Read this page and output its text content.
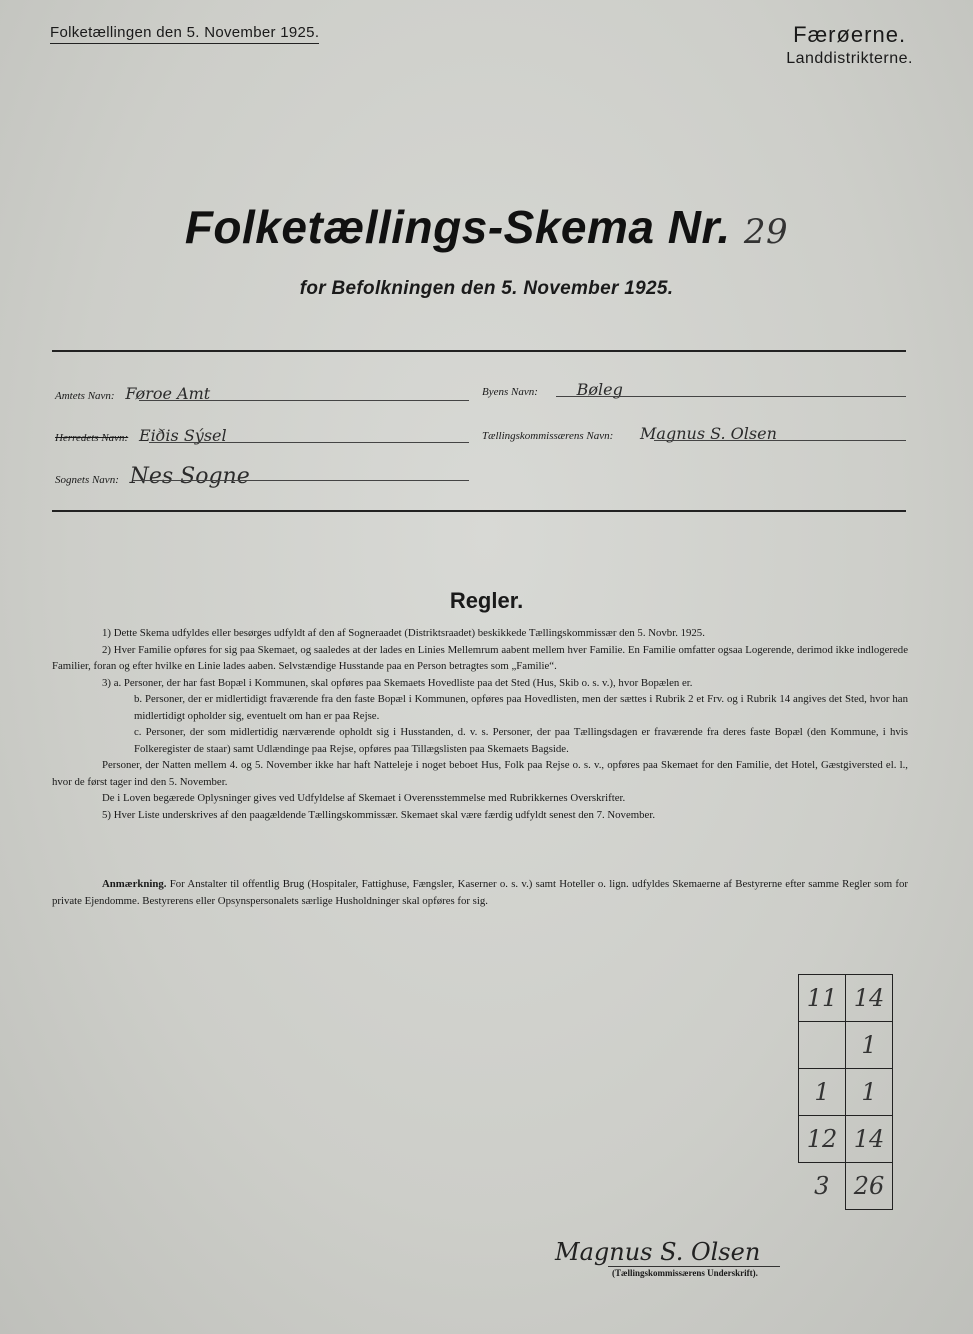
Folketællingen den 5. November 1925.	Færøerne.
Landdistrikterne.
Folketællings-Skema Nr. 29
for Befolkningen den 5. November 1925.
Amtets Navn: Føroe Amt
Herredets Navn: Eiðis Sýsel
Sognets Navn: Nes Sogne
Byens Navn: Bøleg
Tællingskommissærens Navn: Magnus S. Olsen
Regler.

1) Dette Skema udfyldes eller besørges udfyldt af den af Sogneraadet (Distriktsraadet) beskikkede Tællingskommissær den 5. Novbr. 1925.

2) Hver Familie opføres for sig paa Skemaet, og saaledes at der lades en Linies Mellemrum aabent mellem hver Familie. En Familie omfatter ogsaa Logerende, derimod ikke indlogerede Familier, foran og efter hvilke en Linie lades aaben. Selvstændige Husstande paa en Person betragtes som „Familie“.

3) a. Personer, der har fast Bopæl i Kommunen, skal opføres paa Skemaets Hovedliste paa det Sted (Hus, Skib o. s. v.), hvor Bopælen er.

b. Personer, der er midlertidigt fraværende fra den faste Bopæl i Kommunen, opføres paa Hovedlisten, men der sættes i Rubrik 2 et Frv. og i Rubrik 14 angives det Sted, hvor han midlertidigt opholder sig, eventuelt om han er paa Rejse.

c. Personer, der som midlertidig nærværende opholdt sig i Husstanden, d. v. s. Personer, der paa Tællingsdagen er fraværende fra deres faste Bopæl (den Kommune, i hvis Folkeregister de staar) samt Udlændinge paa Rejse, opføres paa Tillægslisten paa Skemaets Bagside.

Personer, der Natten mellem 4. og 5. November ikke har haft Natteleje i noget beboet Hus, Folk paa Rejse o. s. v., opføres paa Skemaet for den Familie, det Hotel, Gæstgiversted el. l., hvor de først tager ind den 5. November.

De i Loven begærede Oplysninger gives ved Udfyldelse af Skemaet i Overensstemmelse med Rubrikkernes Overskrifter.

5) Hver Liste underskrives af den paagældende Tællingskommissær. Skemaet skal være færdig udfyldt senest den 7. November.

Anmærkning. For Anstalter til offentlig Brug (Hospitaler, Fattighuse, Fængsler, Kaserner o. s. v.) samt Hoteller o. lign. udfyldes Skemaerne af Bestyrerne efter samme Regler som for private Ejendomme. Bestyrerens eller Opsynspersonalets særlige Husholdninger skal opføres for sig.
11	14
	1
1	1
12	14
3	26
Magnus S. Olsen
(Tællingskommissærens Underskrift).
